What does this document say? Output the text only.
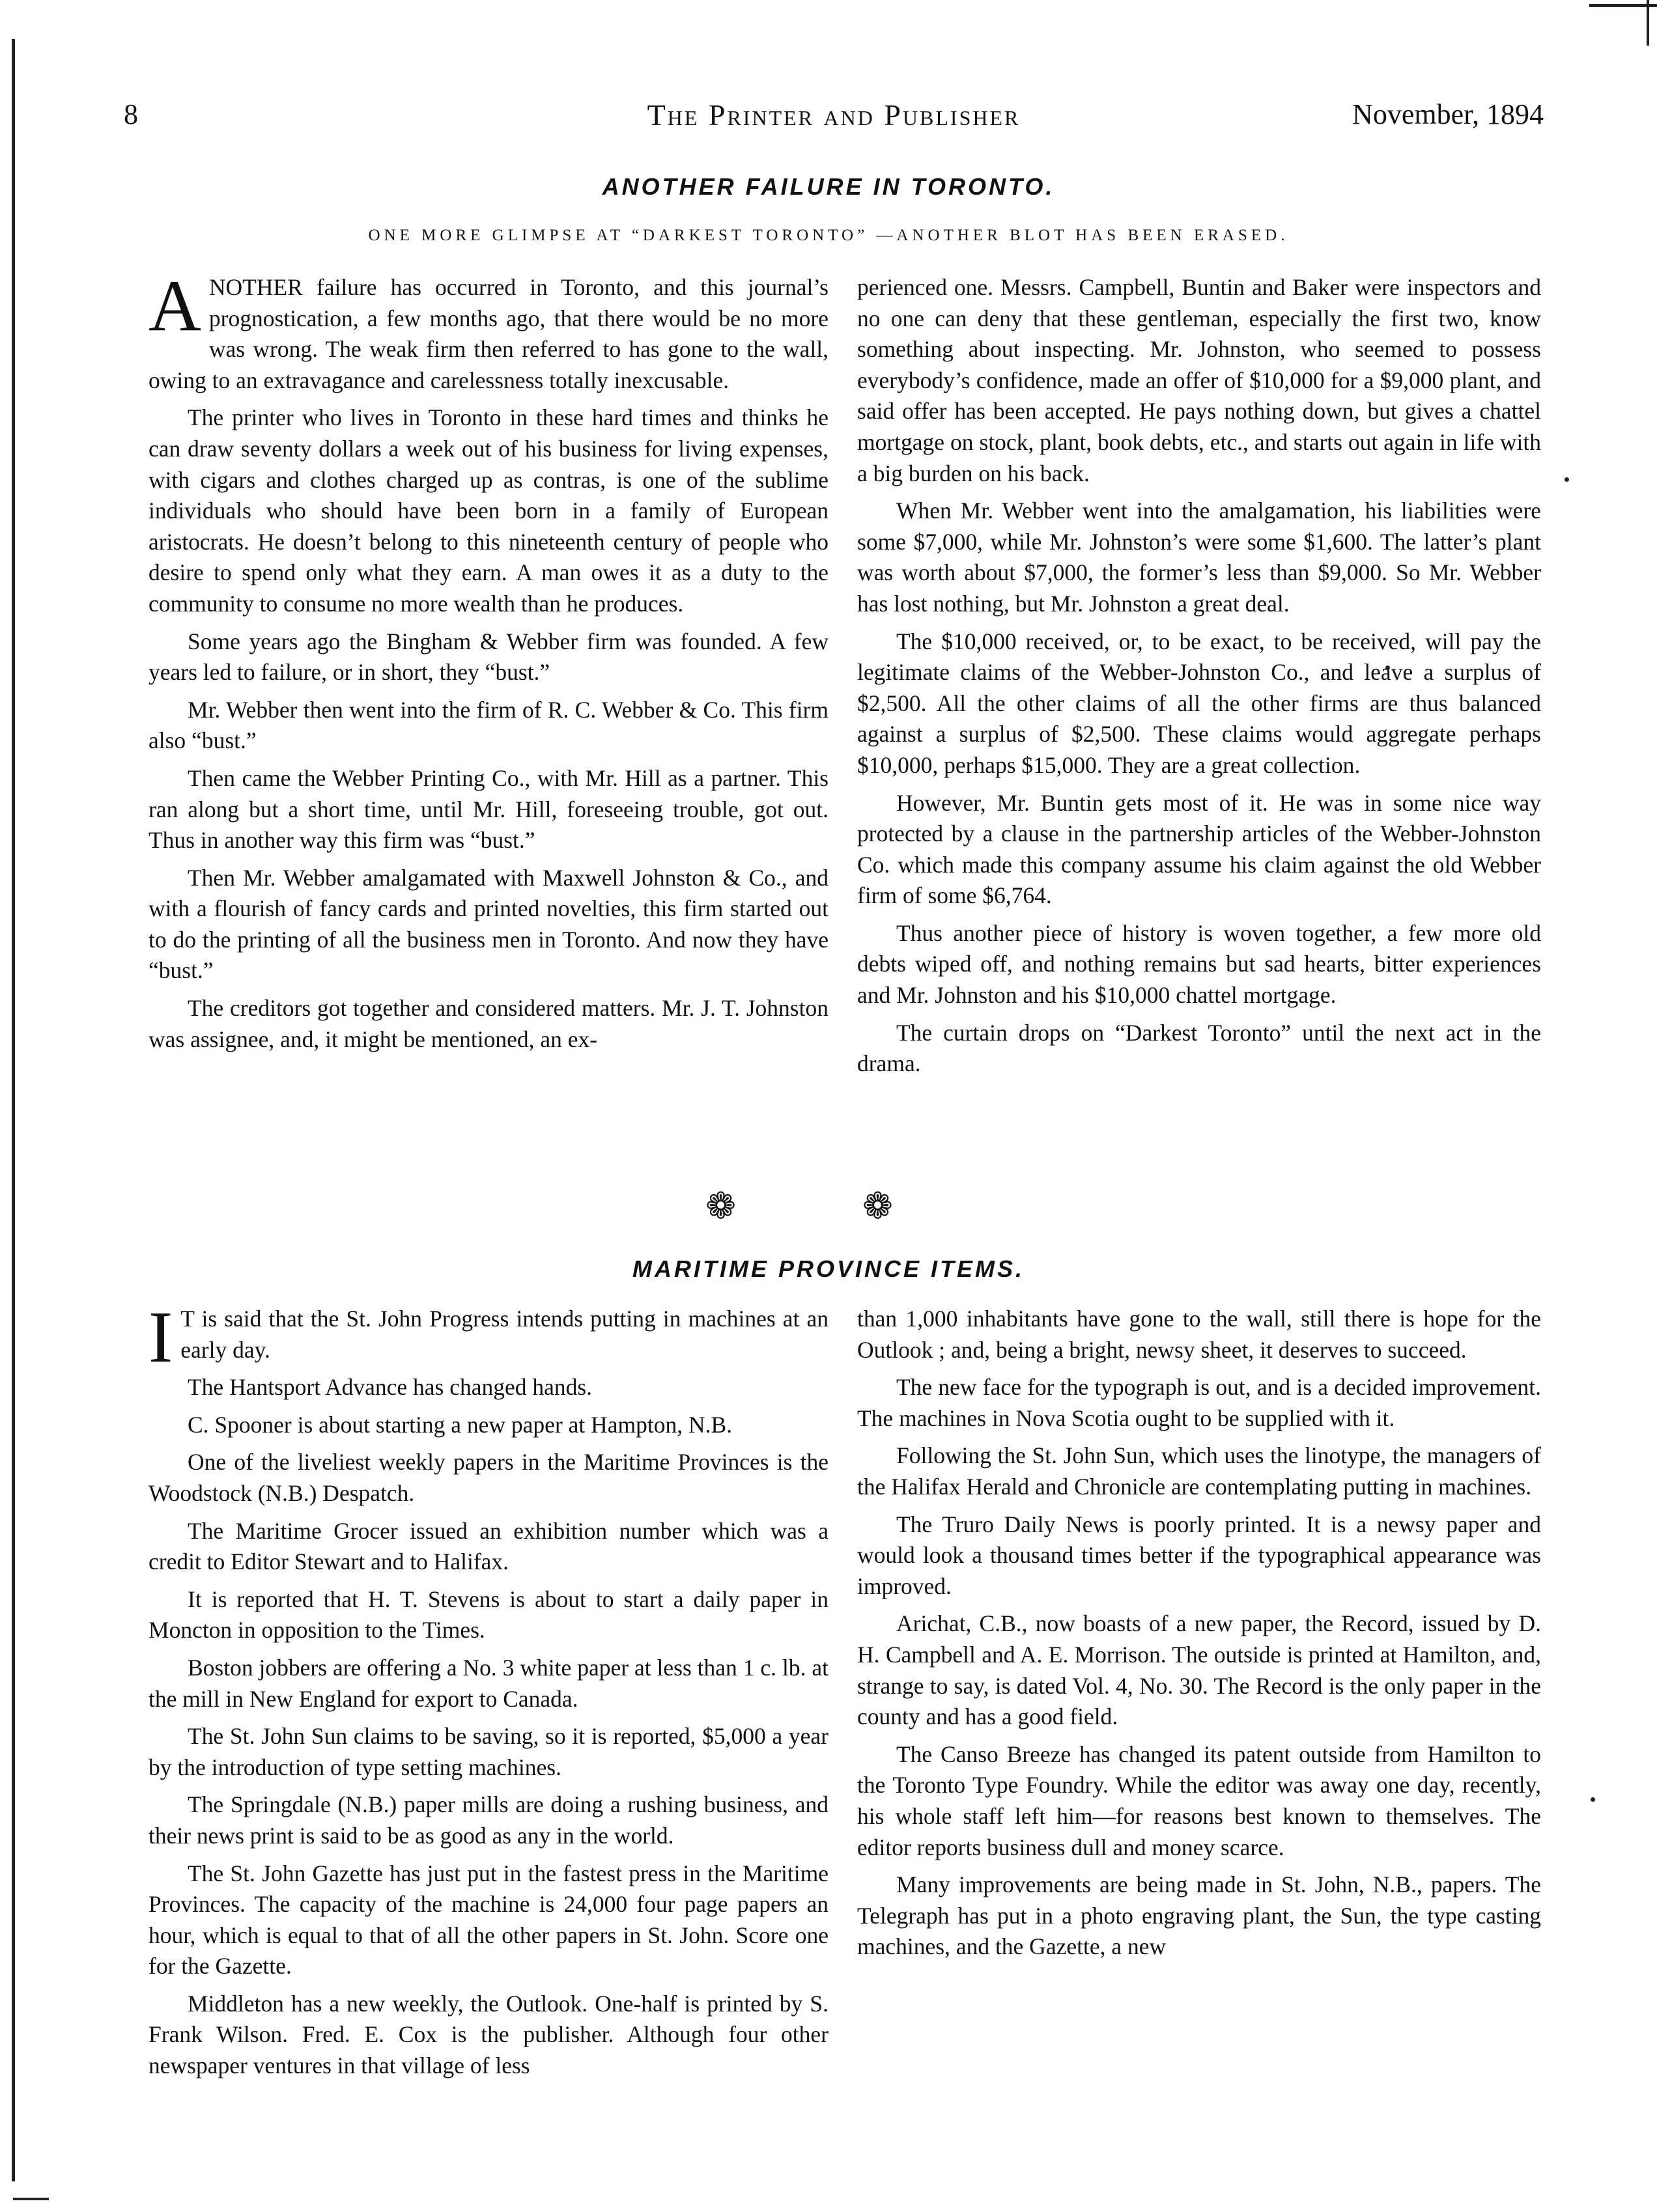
8	The Printer and Publisher	November, 1894
ANOTHER FAILURE IN TORONTO.
ONE MORE GLIMPSE AT “DARKEST TORONTO” —ANOTHER BLOT HAS BEEN ERASED.

ANOTHER failure has occurred in Toronto, and this journal’s prognostication, a few months ago, that there would be no more was wrong. The weak firm then referred to has gone to the wall, owing to an extravagance and carelessness totally inexcusable.

The printer who lives in Toronto in these hard times and thinks he can draw seventy dollars a week out of his business for living expenses, with cigars and clothes charged up as contras, is one of the sublime individuals who should have been born in a family of European aristocrats. He doesn’t belong to this nineteenth century of people who desire to spend only what they earn. A man owes it as a duty to the community to consume no more wealth than he produces.

Some years ago the Bingham & Webber firm was founded. A few years led to failure, or in short, they “bust.”

Mr. Webber then went into the firm of R. C. Webber & Co. This firm also “bust.”

Then came the Webber Printing Co., with Mr. Hill as a partner. This ran along but a short time, until Mr. Hill, foreseeing trouble, got out. Thus in another way this firm was “bust.”

Then Mr. Webber amalgamated with Maxwell Johnston & Co., and with a flourish of fancy cards and printed novelties, this firm started out to do the printing of all the business men in Toronto. And now they have “bust.”

The creditors got together and considered matters. Mr. J. T. Johnston was assignee, and, it might be mentioned, an ex-

perienced one. Messrs. Campbell, Buntin and Baker were inspectors and no one can deny that these gentleman, especially the first two, know something about inspecting. Mr. Johnston, who seemed to possess everybody’s confidence, made an offer of $10,000 for a $9,000 plant, and said offer has been accepted. He pays nothing down, but gives a chattel mortgage on stock, plant, book debts, etc., and starts out again in life with a big burden on his back.

When Mr. Webber went into the amalgamation, his liabilities were some $7,000, while Mr. Johnston’s were some $1,600. The latter’s plant was worth about $7,000, the former’s less than $9,000. So Mr. Webber has lost nothing, but Mr. Johnston a great deal.

The $10,000 received, or, to be exact, to be received, will pay the legitimate claims of the Webber-Johnston Co., and leave a surplus of $2,500. All the other claims of all the other firms are thus balanced against a surplus of $2,500. These claims would aggregate perhaps $10,000, perhaps $15,000. They are a great collection.

However, Mr. Buntin gets most of it. He was in some nice way protected by a clause in the partnership articles of the Webber-Johnston Co. which made this company assume his claim against the old Webber firm of some $6,764.

Thus another piece of history is woven together, a few more old debts wiped off, and nothing remains but sad hearts, bitter experiences and Mr. Johnston and his $10,000 chattel mortgage.

The curtain drops on “Darkest Toronto” until the next act in the drama.

❁ ❁
MARITIME PROVINCE ITEMS.

I T is said that the St. John Progress intends putting in machines at an early day.

The Hantsport Advance has changed hands.

C. Spooner is about starting a new paper at Hampton, N.B.

One of the liveliest weekly papers in the Maritime Provinces is the Woodstock (N.B.) Despatch.

The Maritime Grocer issued an exhibition number which was a credit to Editor Stewart and to Halifax.

It is reported that H. T. Stevens is about to start a daily paper in Moncton in opposition to the Times.

Boston jobbers are offering a No. 3 white paper at less than 1 c. lb. at the mill in New England for export to Canada.

The St. John Sun claims to be saving, so it is reported, $5,000 a year by the introduction of type setting machines.

The Springdale (N.B.) paper mills are doing a rushing business, and their news print is said to be as good as any in the world.

The St. John Gazette has just put in the fastest press in the Maritime Provinces. The capacity of the machine is 24,000 four page papers an hour, which is equal to that of all the other papers in St. John. Score one for the Gazette.

Middleton has a new weekly, the Outlook. One-half is printed by S. Frank Wilson. Fred. E. Cox is the publisher. Although four other newspaper ventures in that village of less

than 1,000 inhabitants have gone to the wall, still there is hope for the Outlook ; and, being a bright, newsy sheet, it deserves to succeed.

The new face for the typograph is out, and is a decided improvement. The machines in Nova Scotia ought to be supplied with it.

Following the St. John Sun, which uses the linotype, the managers of the Halifax Herald and Chronicle are contemplating putting in machines.

The Truro Daily News is poorly printed. It is a newsy paper and would look a thousand times better if the typographical appearance was improved.

Arichat, C.B., now boasts of a new paper, the Record, issued by D. H. Campbell and A. E. Morrison. The outside is printed at Hamilton, and, strange to say, is dated Vol. 4, No. 30. The Record is the only paper in the county and has a good field.

The Canso Breeze has changed its patent outside from Hamilton to the Toronto Type Foundry. While the editor was away one day, recently, his whole staff left him—for reasons best known to themselves. The editor reports business dull and money scarce.

Many improvements are being made in St. John, N.B., papers. The Telegraph has put in a photo engraving plant, the Sun, the type casting machines, and the Gazette, a new
